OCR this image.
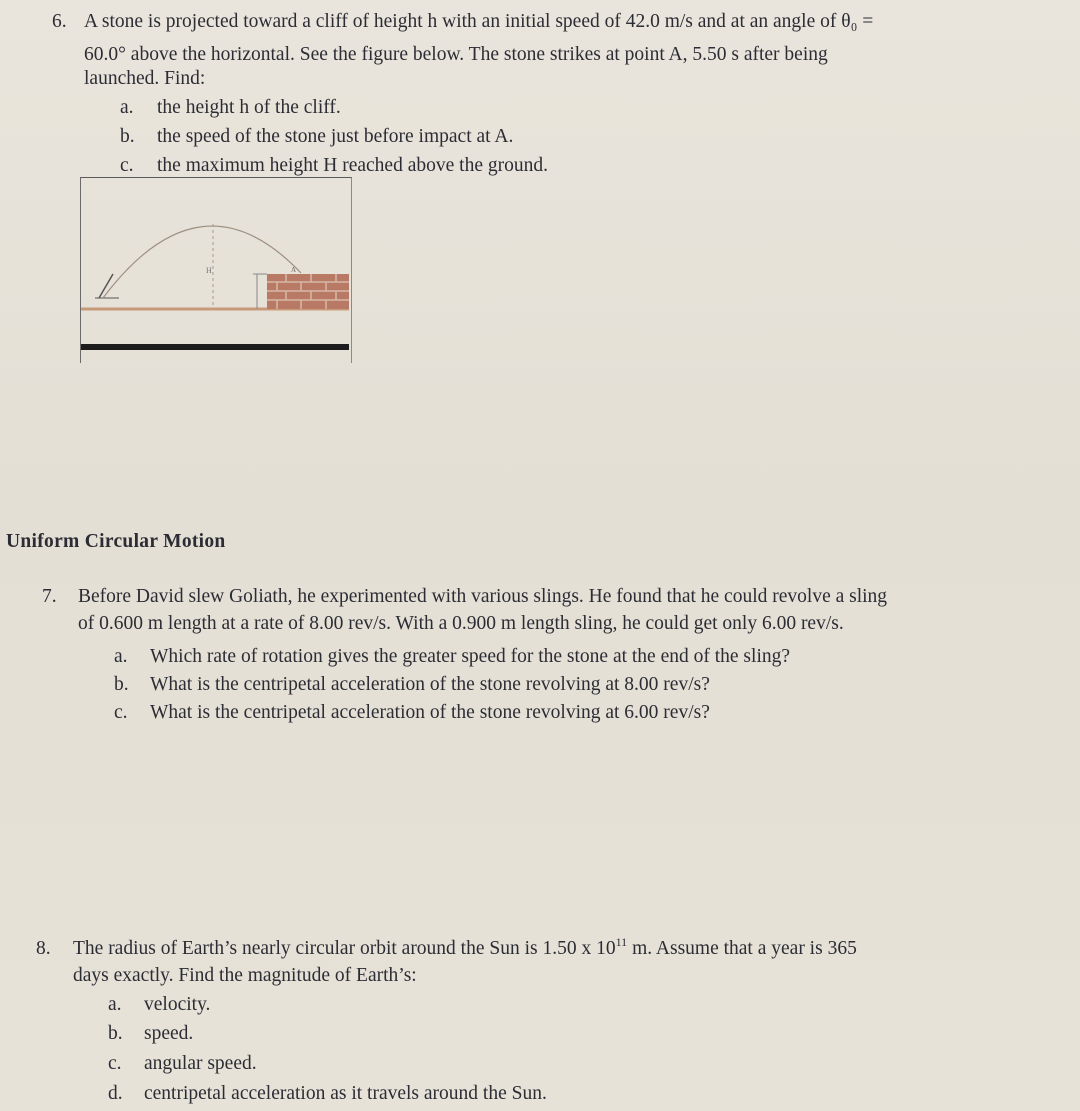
6. A stone is projected toward a cliff of height h with an initial speed of 42.0 m/s and at an angle of θ₀ =
60.0° above the horizontal. See the figure below. The stone strikes at point A, 5.50 s after being
launched. Find:
a. the height h of the cliff.
b. the speed of the stone just before impact at A.
c. the maximum height H reached above the ground.
H	A
Uniform Circular Motion
7. Before David slew Goliath, he experimented with various slings. He found that he could revolve a sling
of 0.600 m length at a rate of 8.00 rev/s. With a 0.900 m length sling, he could get only 6.00 rev/s.
a. Which rate of rotation gives the greater speed for the stone at the end of the sling?
b. What is the centripetal acceleration of the stone revolving at 8.00 rev/s?
c. What is the centripetal acceleration of the stone revolving at 6.00 rev/s?
8. The radius of Earth’s nearly circular orbit around the Sun is 1.50 x $10^{11}$ m. Assume that a year is 365
days exactly. Find the magnitude of Earth’s:
a. velocity.
b. speed.
c. angular speed.
d. centripetal acceleration as it travels around the Sun.
